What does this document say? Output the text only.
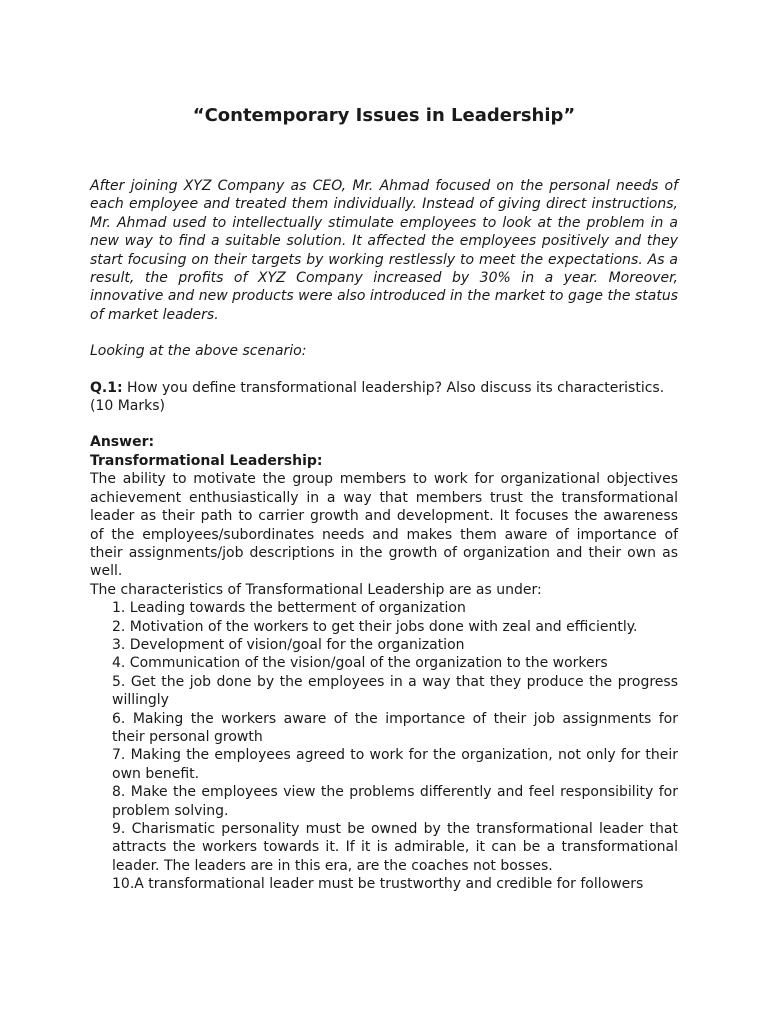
“Contemporary Issues in Leadership”

After joining XYZ Company as CEO, Mr. Ahmad focused on the personal needs of each employee and treated them individually. Instead of giving direct instructions, Mr. Ahmad used to intellectually stimulate employees to look at the problem in a new way to find a suitable solution. It affected the employees positively and they start focusing on their targets by working restlessly to meet the expectations. As a result, the profits of XYZ Company increased by 30% in a year. Moreover, innovative and new products were also introduced in the market to gage the status of market leaders.

Looking at the above scenario:

Q.1: How you define transformational leadership? Also discuss its characteristics.
(10 Marks)

Answer:

Transformational Leadership:

The ability to motivate the group members to work for organizational objectives achievement enthusiastically in a way that members trust the transformational leader as their path to carrier growth and development. It focuses the awareness of the employees/subordinates needs and makes them aware of importance of their assignments/job descriptions in the growth of organization and their own as well.

The characteristics of Transformational Leadership are as under:

1. Leading towards the betterment of organization
2. Motivation of the workers to get their jobs done with zeal and efficiently.
3. Development of vision/goal for the organization
4. Communication of the vision/goal of the organization to the workers
5. Get the job done by the employees in a way that they produce the progress willingly
6. Making the workers aware of the importance of their job assignments for their personal growth
7. Making the employees agreed to work for the organization, not only for their own benefit.
8. Make the employees view the problems differently and feel responsibility for problem solving.
9. Charismatic personality must be owned by the transformational leader that attracts the workers towards it. If it is admirable, it can be a transformational leader. The leaders are in this era, are the coaches not bosses.
10.A transformational leader must be trustworthy and credible for followers
